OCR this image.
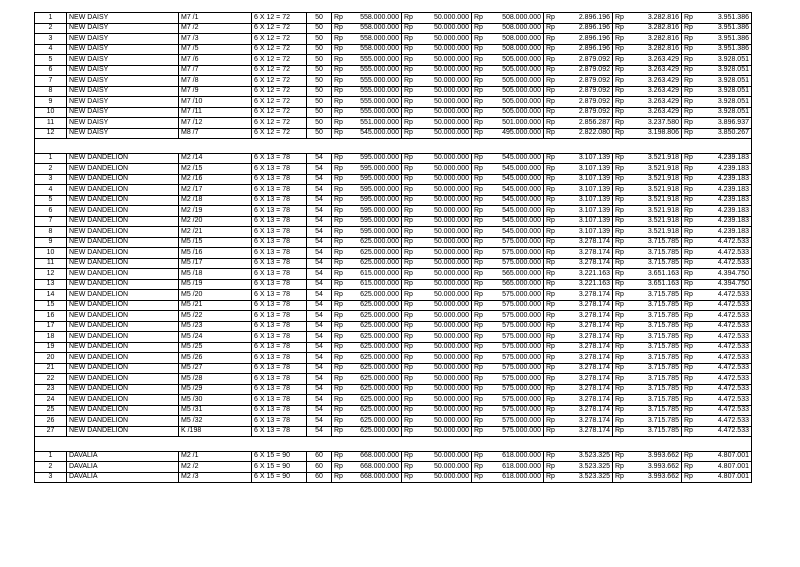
1	NEW DAISY	M7 /1	6 X 12 = 72	50	Rp	558.000.000	Rp	50.000.000	Rp	508.000.000	Rp	2.896.196	Rp	3.282.816	Rp	3.951.386
2	NEW DAISY	M7 /2	6 X 12 = 72	50	Rp	558.000.000	Rp	50.000.000	Rp	508.000.000	Rp	2.896.196	Rp	3.282.816	Rp	3.951.386
3	NEW DAISY	M7 /3	6 X 12 = 72	50	Rp	558.000.000	Rp	50.000.000	Rp	508.000.000	Rp	2.896.196	Rp	3.282.816	Rp	3.951.386
4	NEW DAISY	M7 /5	6 X 12 = 72	50	Rp	558.000.000	Rp	50.000.000	Rp	508.000.000	Rp	2.896.196	Rp	3.282.816	Rp	3.951.386
5	NEW DAISY	M7 /6	6 X 12 = 72	50	Rp	555.000.000	Rp	50.000.000	Rp	505.000.000	Rp	2.879.092	Rp	3.263.429	Rp	3.928.051
6	NEW DAISY	M7 /7	6 X 12 = 72	50	Rp	555.000.000	Rp	50.000.000	Rp	505.000.000	Rp	2.879.092	Rp	3.263.429	Rp	3.928.051
7	NEW DAISY	M7 /8	6 X 12 = 72	50	Rp	555.000.000	Rp	50.000.000	Rp	505.000.000	Rp	2.879.092	Rp	3.263.429	Rp	3.928.051
8	NEW DAISY	M7 /9	6 X 12 = 72	50	Rp	555.000.000	Rp	50.000.000	Rp	505.000.000	Rp	2.879.092	Rp	3.263.429	Rp	3.928.051
9	NEW DAISY	M7 /10	6 X 12 = 72	50	Rp	555.000.000	Rp	50.000.000	Rp	505.000.000	Rp	2.879.092	Rp	3.263.429	Rp	3.928.051
10	NEW DAISY	M7 /11	6 X 12 = 72	50	Rp	555.000.000	Rp	50.000.000	Rp	505.000.000	Rp	2.879.092	Rp	3.263.429	Rp	3.928.051
11	NEW DAISY	M7 /12	6 X 12 = 72	50	Rp	551.000.000	Rp	50.000.000	Rp	501.000.000	Rp	2.856.287	Rp	3.237.580	Rp	3.896.937
12	NEW DAISY	M8 /7	6 X 12 = 72	50	Rp	545.000.000	Rp	50.000.000	Rp	495.000.000	Rp	2.822.080	Rp	3.198.806	Rp	3.850.267

1	NEW DANDELION	M2 /14	6 X 13 = 78	54	Rp	595.000.000	Rp	50.000.000	Rp	545.000.000	Rp	3.107.139	Rp	3.521.918	Rp	4.239.183
2	NEW DANDELION	M2 /15	6 X 13 = 78	54	Rp	595.000.000	Rp	50.000.000	Rp	545.000.000	Rp	3.107.139	Rp	3.521.918	Rp	4.239.183
3	NEW DANDELION	M2 /16	6 X 13 = 78	54	Rp	595.000.000	Rp	50.000.000	Rp	545.000.000	Rp	3.107.139	Rp	3.521.918	Rp	4.239.183
4	NEW DANDELION	M2 /17	6 X 13 = 78	54	Rp	595.000.000	Rp	50.000.000	Rp	545.000.000	Rp	3.107.139	Rp	3.521.918	Rp	4.239.183
5	NEW DANDELION	M2 /18	6 X 13 = 78	54	Rp	595.000.000	Rp	50.000.000	Rp	545.000.000	Rp	3.107.139	Rp	3.521.918	Rp	4.239.183
6	NEW DANDELION	M2 /19	6 X 13 = 78	54	Rp	595.000.000	Rp	50.000.000	Rp	545.000.000	Rp	3.107.139	Rp	3.521.918	Rp	4.239.183
7	NEW DANDELION	M2 /20	6 X 13 = 78	54	Rp	595.000.000	Rp	50.000.000	Rp	545.000.000	Rp	3.107.139	Rp	3.521.918	Rp	4.239.183
8	NEW DANDELION	M2 /21	6 X 13 = 78	54	Rp	595.000.000	Rp	50.000.000	Rp	545.000.000	Rp	3.107.139	Rp	3.521.918	Rp	4.239.183
9	NEW DANDELION	M5 /15	6 X 13 = 78	54	Rp	625.000.000	Rp	50.000.000	Rp	575.000.000	Rp	3.278.174	Rp	3.715.785	Rp	4.472.533
10	NEW DANDELION	M5 /16	6 X 13 = 78	54	Rp	625.000.000	Rp	50.000.000	Rp	575.000.000	Rp	3.278.174	Rp	3.715.785	Rp	4.472.533
11	NEW DANDELION	M5 /17	6 X 13 = 78	54	Rp	625.000.000	Rp	50.000.000	Rp	575.000.000	Rp	3.278.174	Rp	3.715.785	Rp	4.472.533
12	NEW DANDELION	M5 /18	6 X 13 = 78	54	Rp	615.000.000	Rp	50.000.000	Rp	565.000.000	Rp	3.221.163	Rp	3.651.163	Rp	4.394.750
13	NEW DANDELION	M5 /19	6 X 13 = 78	54	Rp	615.000.000	Rp	50.000.000	Rp	565.000.000	Rp	3.221.163	Rp	3.651.163	Rp	4.394.750
14	NEW DANDELION	M5 /20	6 X 13 = 78	54	Rp	625.000.000	Rp	50.000.000	Rp	575.000.000	Rp	3.278.174	Rp	3.715.785	Rp	4.472.533
15	NEW DANDELION	M5 /21	6 X 13 = 78	54	Rp	625.000.000	Rp	50.000.000	Rp	575.000.000	Rp	3.278.174	Rp	3.715.785	Rp	4.472.533
16	NEW DANDELION	M5 /22	6 X 13 = 78	54	Rp	625.000.000	Rp	50.000.000	Rp	575.000.000	Rp	3.278.174	Rp	3.715.785	Rp	4.472.533
17	NEW DANDELION	M5 /23	6 X 13 = 78	54	Rp	625.000.000	Rp	50.000.000	Rp	575.000.000	Rp	3.278.174	Rp	3.715.785	Rp	4.472.533
18	NEW DANDELION	M5 /24	6 X 13 = 78	54	Rp	625.000.000	Rp	50.000.000	Rp	575.000.000	Rp	3.278.174	Rp	3.715.785	Rp	4.472.533
19	NEW DANDELION	M5 /25	6 X 13 = 78	54	Rp	625.000.000	Rp	50.000.000	Rp	575.000.000	Rp	3.278.174	Rp	3.715.785	Rp	4.472.533
20	NEW DANDELION	M5 /26	6 X 13 = 78	54	Rp	625.000.000	Rp	50.000.000	Rp	575.000.000	Rp	3.278.174	Rp	3.715.785	Rp	4.472.533
21	NEW DANDELION	M5 /27	6 X 13 = 78	54	Rp	625.000.000	Rp	50.000.000	Rp	575.000.000	Rp	3.278.174	Rp	3.715.785	Rp	4.472.533
22	NEW DANDELION	M5 /28	6 X 13 = 78	54	Rp	625.000.000	Rp	50.000.000	Rp	575.000.000	Rp	3.278.174	Rp	3.715.785	Rp	4.472.533
23	NEW DANDELION	M5 /29	6 X 13 = 78	54	Rp	625.000.000	Rp	50.000.000	Rp	575.000.000	Rp	3.278.174	Rp	3.715.785	Rp	4.472.533
24	NEW DANDELION	M5 /30	6 X 13 = 78	54	Rp	625.000.000	Rp	50.000.000	Rp	575.000.000	Rp	3.278.174	Rp	3.715.785	Rp	4.472.533
25	NEW DANDELION	M5 /31	6 X 13 = 78	54	Rp	625.000.000	Rp	50.000.000	Rp	575.000.000	Rp	3.278.174	Rp	3.715.785	Rp	4.472.533
26	NEW DANDELION	M5 /32	6 X 13 = 78	54	Rp	625.000.000	Rp	50.000.000	Rp	575.000.000	Rp	3.278.174	Rp	3.715.785	Rp	4.472.533
27	NEW DANDELION	K /198	6 X 13 = 78	54	Rp	625.000.000	Rp	50.000.000	Rp	575.000.000	Rp	3.278.174	Rp	3.715.785	Rp	4.472.533

1	DAVALIA	M2 /1	6 X 15 = 90	60	Rp	668.000.000	Rp	50.000.000	Rp	618.000.000	Rp	3.523.325	Rp	3.993.662	Rp	4.807.001
2	DAVALIA	M2 /2	6 X 15 = 90	60	Rp	668.000.000	Rp	50.000.000	Rp	618.000.000	Rp	3.523.325	Rp	3.993.662	Rp	4.807.001
3	DAVALIA	M2 /3	6 X 15 = 90	60	Rp	668.000.000	Rp	50.000.000	Rp	618.000.000	Rp	3.523.325	Rp	3.993.662	Rp	4.807.001
